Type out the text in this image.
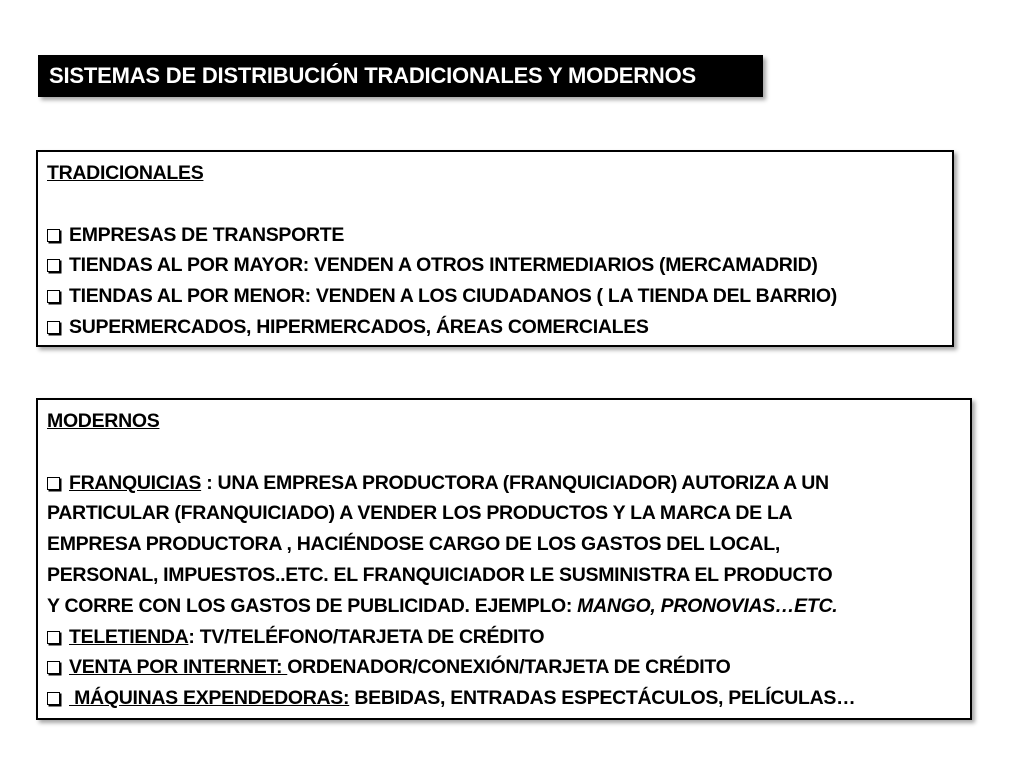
SISTEMAS DE DISTRIBUCIÓN TRADICIONALES Y MODERNOS
TRADICIONALES
EMPRESAS DE TRANSPORTE
TIENDAS AL POR MAYOR: VENDEN A OTROS INTERMEDIARIOS (MERCAMADRID)
TIENDAS AL POR MENOR: VENDEN A LOS CIUDADANOS ( LA TIENDA DEL BARRIO)
SUPERMERCADOS, HIPERMERCADOS, ÁREAS COMERCIALES
MODERNOS
FRANQUICIAS : UNA EMPRESA PRODUCTORA (FRANQUICIADOR) AUTORIZA A UN
PARTICULAR (FRANQUICIADO) A VENDER LOS PRODUCTOS Y LA MARCA DE LA
EMPRESA PRODUCTORA , HACIÉNDOSE CARGO DE LOS GASTOS DEL LOCAL,
PERSONAL, IMPUESTOS..ETC. EL FRANQUICIADOR LE SUSMINISTRA EL PRODUCTO
Y CORRE CON LOS GASTOS DE PUBLICIDAD. EJEMPLO: MANGO, PRONOVIAS…ETC.
TELETIENDA: TV/TELÉFONO/TARJETA DE CRÉDITO
VENTA POR INTERNET: ORDENADOR/CONEXIÓN/TARJETA DE CRÉDITO
MÁQUINAS EXPENDEDORAS: BEBIDAS, ENTRADAS ESPECTÁCULOS, PELÍCULAS…
